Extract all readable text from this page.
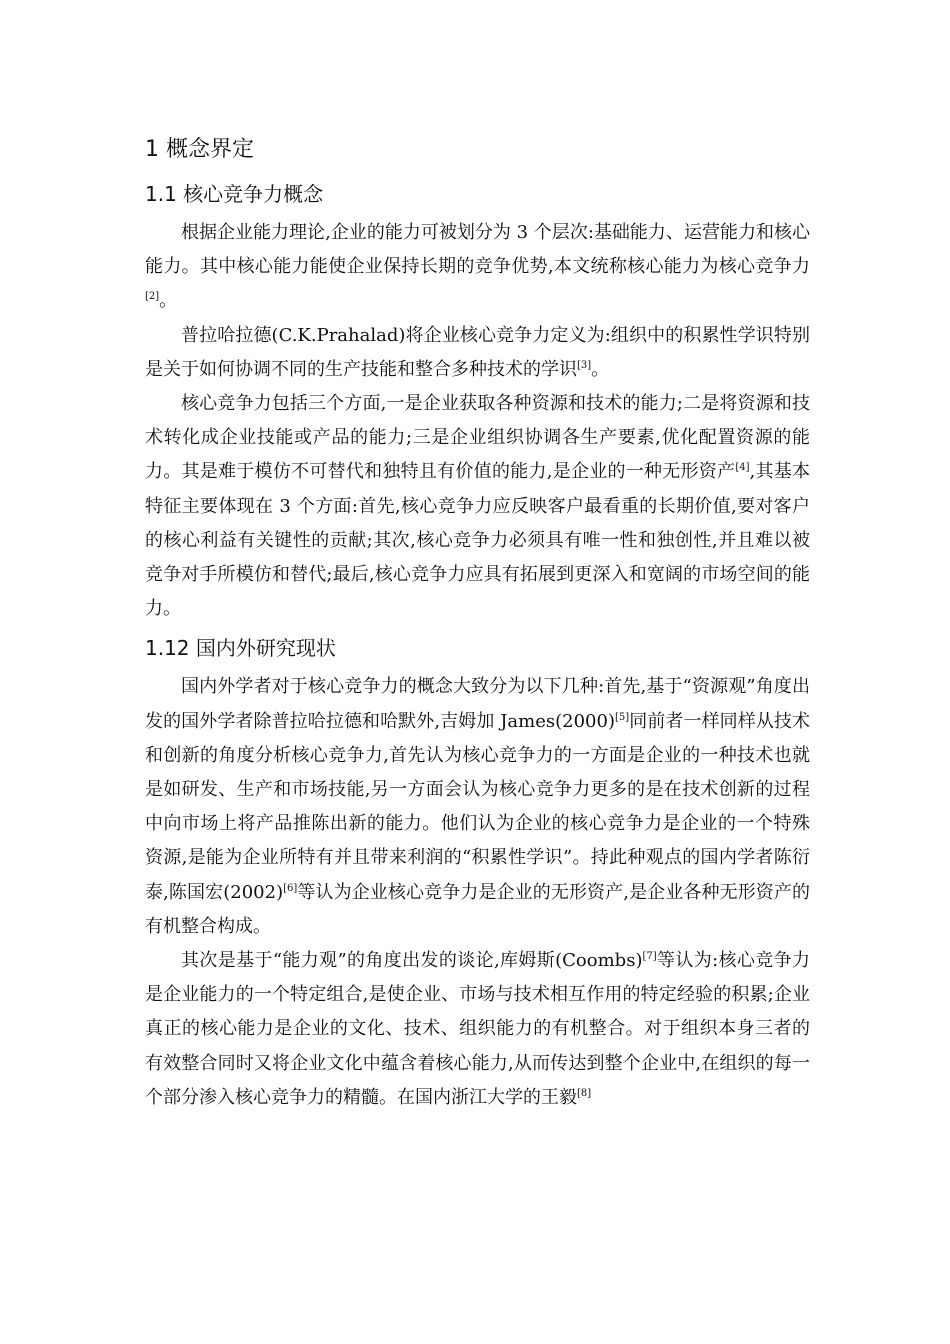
1 概念界定
1.1 核心竞争力概念

根据企业能力理论,企业的能力可被划分为 3 个层次:基础能力、运营能力和核心能力。其中核心能力能使企业保持长期的竞争优势,本文统称核心能力为核心竞争力[2]。

普拉哈拉德(C.K.Prahalad)将企业核心竞争力定义为:组织中的积累性学识特别是关于如何协调不同的生产技能和整合多种技术的学识[3]。

核心竞争力包括三个方面,一是企业获取各种资源和技术的能力;二是将资源和技术转化成企业技能或产品的能力;三是企业组织协调各生产要素,优化配置资源的能力。其是难于模仿不可替代和独特且有价值的能力,是企业的一种无形资产[4],其基本特征主要体现在 3 个方面:首先,核心竞争力应反映客户最看重的长期价值,要对客户的核心利益有关键性的贡献;其次,核心竞争力必须具有唯一性和独创性,并且难以被竞争对手所模仿和替代;最后,核心竞争力应具有拓展到更深入和宽阔的市场空间的能力。

1.12 国内外研究现状

国内外学者对于核心竞争力的概念大致分为以下几种:首先,基于“资源观”角度出发的国外学者除普拉哈拉德和哈默外,吉姆加 James(2000)[5]同前者一样同样从技术和创新的角度分析核心竞争力,首先认为核心竞争力的一方面是企业的一种技术也就是如研发、生产和市场技能,另一方面会认为核心竞争力更多的是在技术创新的过程中向市场上将产品推陈出新的能力。他们认为企业的核心竞争力是企业的一个特殊资源,是能为企业所特有并且带来利润的“积累性学识”。持此种观点的国内学者陈衍泰,陈国宏(2002)[6]等认为企业核心竞争力是企业的无形资产,是企业各种无形资产的有机整合构成。

其次是基于“能力观”的角度出发的谈论,库姆斯(Coombs)[7]等认为:核心竞争力是企业能力的一个特定组合,是使企业、市场与技术相互作用的特定经验的积累;企业真正的核心能力是企业的文化、技术、组织能力的有机整合。对于组织本身三者的有效整合同时又将企业文化中蕴含着核心能力,从而传达到整个企业中,在组织的每一个部分渗入核心竞争力的精髓。在国内浙江大学的王毅[8]
